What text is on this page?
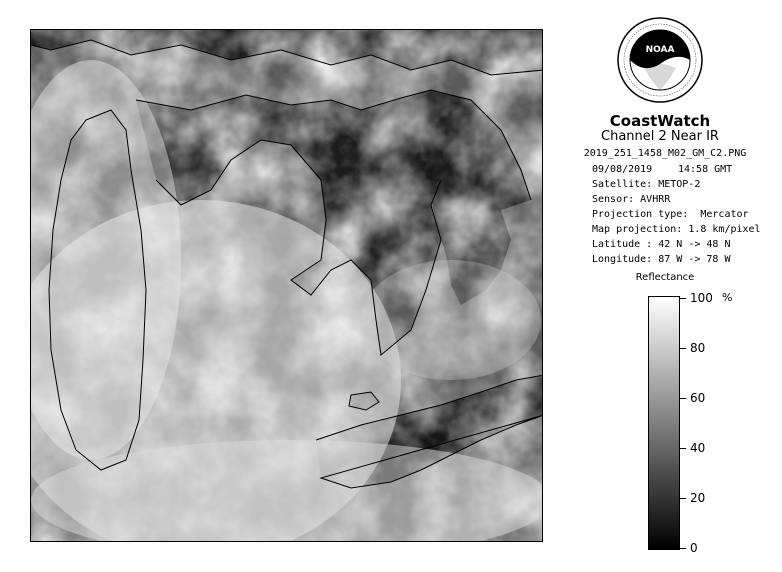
NOAA
CoastWatch
Channel 2 Near IR
2019_251_1458_M02_GM_C2.PNG
09/08/2019	14:58 GMT
Satellite: METOP-2
Sensor: AVHRR
Projection type:  Mercator
Map projection: 1.8 km/pixel
Latitude : 42 N -> 48 N
Longitude: 87 W -> 78 W
Reflectance
%
100
80
60
40
20
0
